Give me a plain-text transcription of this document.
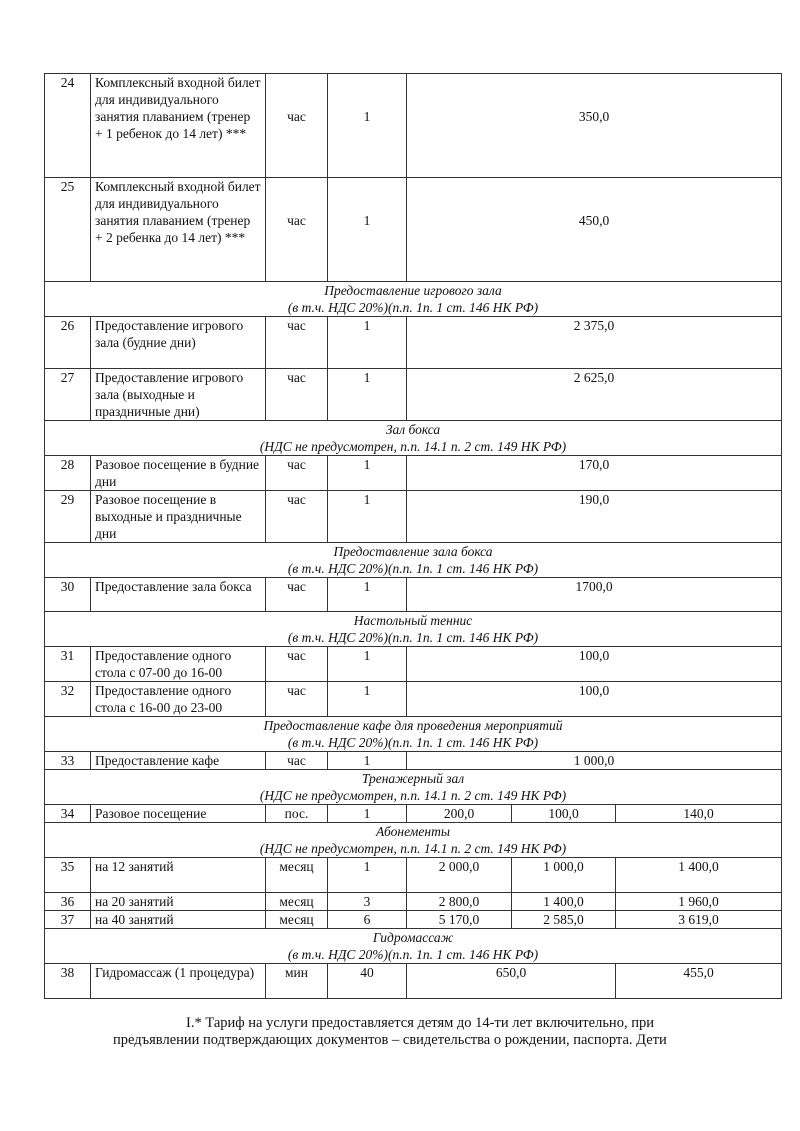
24	Комплексный входной билет для индивидуального занятия плаванием (тренер + 1 ребенок до 14 лет) ***	час	1	350,0		
25	Комплексный входной билет для индивидуального занятия плаванием (тренер + 2 ребенка до 14 лет) ***	час	1	450,0		

Предоставление игрового зала
(в т.ч. НДС 20%)(п.п. 1п. 1 ст. 146 НК РФ)						

26	Предоставление игрового зала (будние дни)	час	1	2 375,0		
27	Предоставление игрового зала (выходные и праздничные дни)	час	1	2 625,0		

Зал бокса
(НДС не предусмотрен, п.п. 14.1 п. 2 ст. 149 НК РФ)						

28	Разовое посещение в будние дни	час	1	170,0		
29	Разовое посещение в выходные и праздничные дни	час	1	190,0		

Предоставление зала бокса
(в т.ч. НДС 20%)(п.п. 1п. 1 ст. 146 НК РФ)						

30	Предоставление зала бокса	час	1	1700,0		

Настольный теннис
(в т.ч. НДС 20%)(п.п. 1п. 1 ст. 146 НК РФ)						

31	Предоставление одного стола с 07-00 до 16-00	час	1	100,0		
32	Предоставление одного стола с 16-00 до 23-00	час	1	100,0		

Предоставление кафе для проведения мероприятий
(в т.ч. НДС 20%)(п.п. 1п. 1 ст. 146 НК РФ)						

33	Предоставление кафе	час	1	1 000,0		

Тренажерный зал
(НДС не предусмотрен, п.п. 14.1 п. 2 ст. 149 НК РФ)						

34	Разовое посещение	пос.	1	200,0	100,0	140,0

Абонементы
(НДС не предусмотрен, п.п. 14.1 п. 2 ст. 149 НК РФ)						

35	на 12 занятий	месяц	1	2 000,0	1 000,0	1 400,0
36	на 20 занятий	месяц	3	2 800,0	1 400,0	1 960,0
37	на 40 занятий	месяц	6	5 170,0	2 585,0	3 619,0

Гидромассаж
(в т.ч. НДС 20%)(п.п. 1п. 1 ст. 146 НК РФ)						

38	Гидромассаж (1 процедура)	мин	40	650,0		455,0
I.* Тариф на услуги предоставляется детям до 14-ти лет включительно, при
предъявлении подтверждающих документов – свидетельства о рождении, паспорта. Дети
